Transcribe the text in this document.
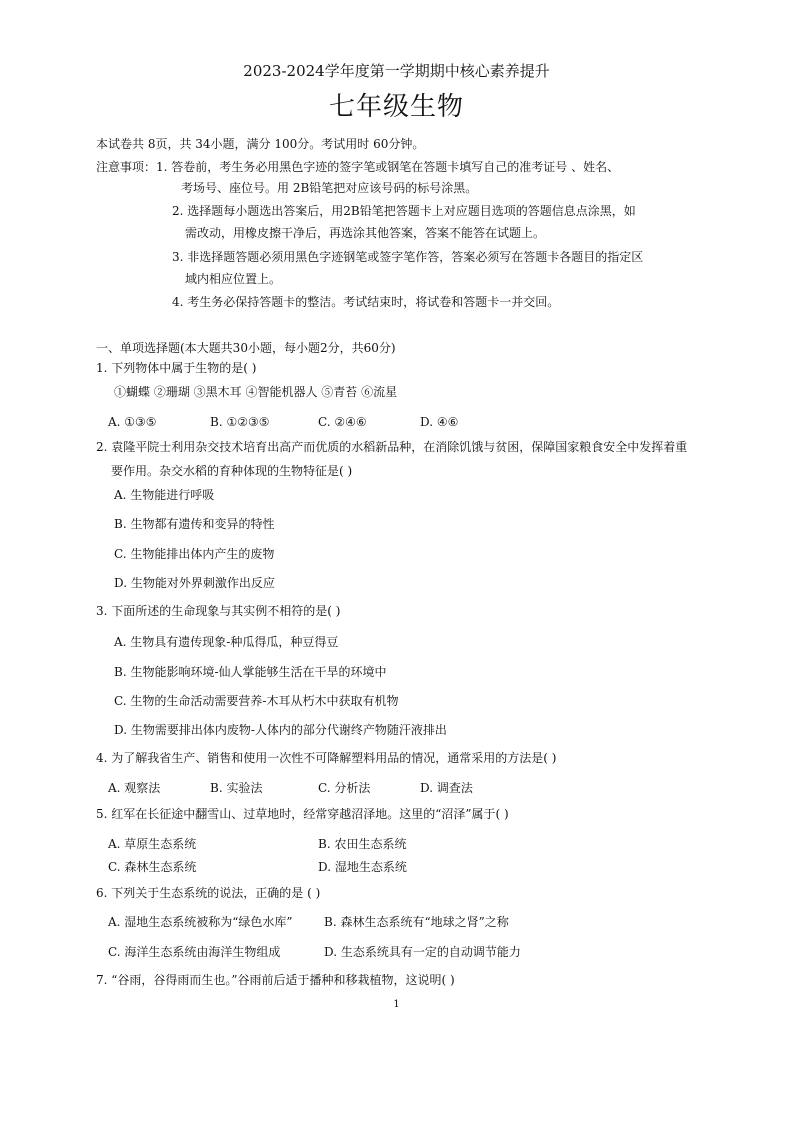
2023-2024学年度第一学期期中核心素养提升
七年级生物
本试卷共 8页，共 34小题，满分 100分。考试用时 60分钟。
注意事项：1. 答卷前，考生务必用黑色字迹的签字笔或钢笔在答题卡填写自己的准考证号 、姓名、
考场号、座位号。用 2B铅笔把对应该号码的标号涂黑。
2. 选择题每小题选出答案后，用2B铅笔把答题卡上对应题目选项的答题信息点涂黑，如
需改动，用橡皮擦干净后，再选涂其他答案，答案不能答在试题上。
3. 非选择题答题必须用黑色字迹钢笔或签字笔作答，答案必须写在答题卡各题目的指定区
域内相应位置上。
4. 考生务必保持答题卡的整洁。考试结束时，将试卷和答题卡一并交回。
一、单项选择题(本大题共30小题，每小题2分，共60分)
1. 下列物体中属于生物的是( )
①蝴蝶 ②珊瑚 ③黑木耳 ④智能机器人 ⑤青苔 ⑥流星
A. ①③⑤	B. ①②③⑤	C. ②④⑥	D. ④⑥
2. 袁隆平院士利用杂交技术培育出高产而优质的水稻新品种，在消除饥饿与贫困，保障国家粮食安全中发挥着重
要作用。杂交水稻的育种体现的生物特征是( )
A. 生物能进行呼吸
B. 生物都有遗传和变异的特性
C. 生物能排出体内产生的废物
D. 生物能对外界刺激作出反应
3. 下面所述的生命现象与其实例不相符的是( )
A. 生物具有遗传现象-种瓜得瓜，种豆得豆
B. 生物能影响环境-仙人掌能够生活在干旱的环境中
C. 生物的生命活动需要营养-木耳从朽木中获取有机物
D. 生物需要排出体内废物-人体内的部分代谢终产物随汗液排出
4. 为了解我省生产、销售和使用一次性不可降解塑料用品的情况，通常采用的方法是( )
A. 观察法	B. 实验法	C. 分析法	D. 调查法
5. 红军在长征途中翻雪山、过草地时，经常穿越沼泽地。这里的“沼泽”属于( )
A. 草原生态系统	B. 农田生态系统
C. 森林生态系统	D. 湿地生态系统
6. 下列关于生态系统的说法，正确的是 ( )
A. 湿地生态系统被称为“绿色水库”	B. 森林生态系统有“地球之肾”之称
C. 海洋生态系统由海洋生物组成	D. 生态系统具有一定的自动调节能力
7. “谷雨，谷得雨而生也。”谷雨前后适于播种和移栽植物，这说明( )
1
